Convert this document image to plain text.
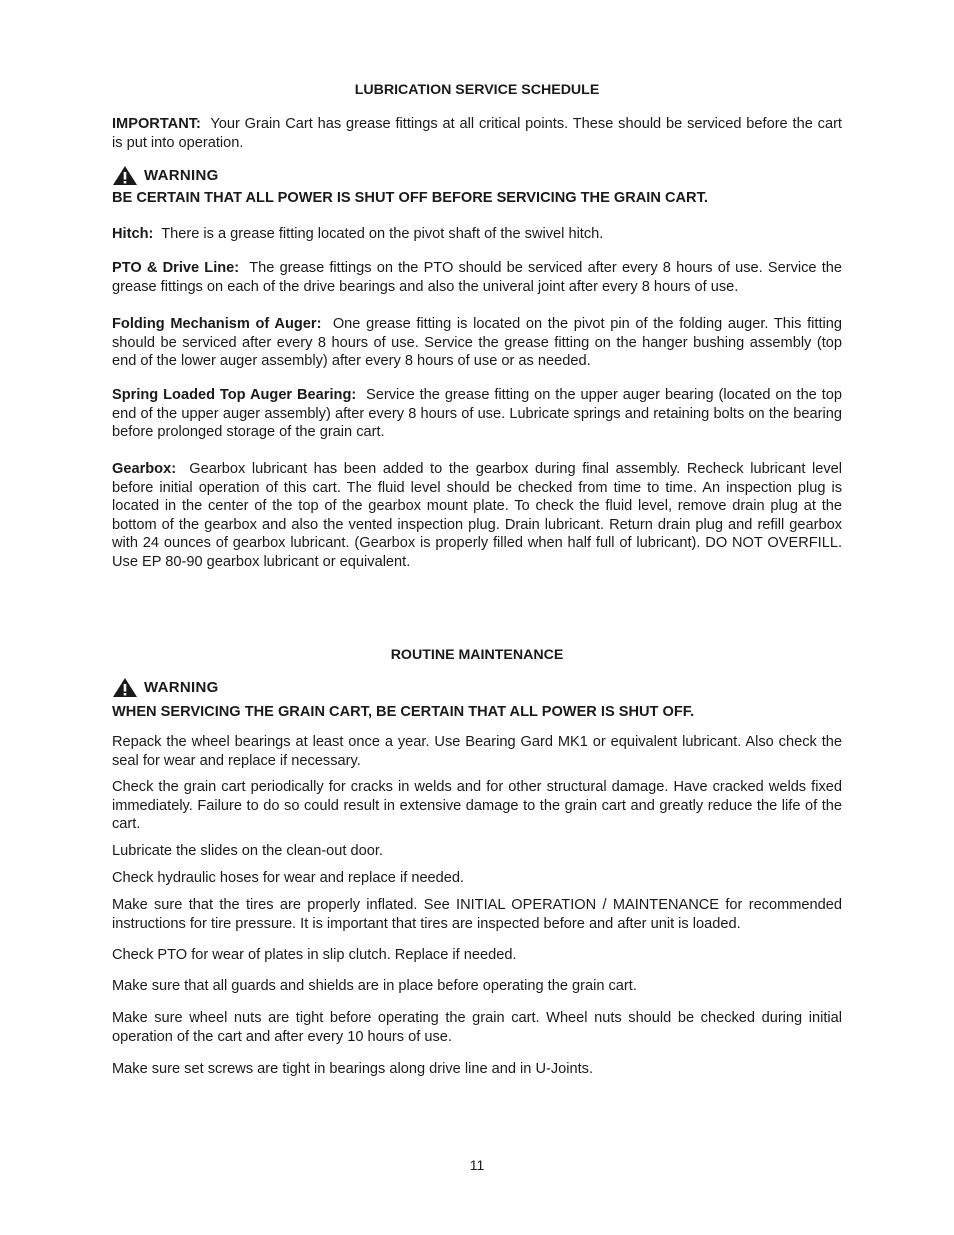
LUBRICATION SERVICE SCHEDULE

IMPORTANT: Your Grain Cart has grease fittings at all critical points. These should be serviced before the cart is put into operation.

WARNING

BE CERTAIN THAT ALL POWER IS SHUT OFF BEFORE SERVICING THE GRAIN CART.

Hitch: There is a grease fitting located on the pivot shaft of the swivel hitch.

PTO & Drive Line: The grease fittings on the PTO should be serviced after every 8 hours of use. Service the grease fittings on each of the drive bearings and also the univeral joint after every 8 hours of use.

Folding Mechanism of Auger: One grease fitting is located on the pivot pin of the folding auger. This fitting should be serviced after every 8 hours of use. Service the grease fitting on the hanger bushing assembly (top end of the lower auger assembly) after every 8 hours of use or as needed.

Spring Loaded Top Auger Bearing: Service the grease fitting on the upper auger bearing (located on the top end of the upper auger assembly) after every 8 hours of use. Lubricate springs and retaining bolts on the bearing before prolonged storage of the grain cart.

Gearbox: Gearbox lubricant has been added to the gearbox during final assembly. Recheck lubricant level before initial operation of this cart. The fluid level should be checked from time to time. An inspection plug is located in the center of the top of the gearbox mount plate. To check the fluid level, remove drain plug at the bottom of the gearbox and also the vented inspection plug. Drain lubricant. Return drain plug and refill gearbox with 24 ounces of gearbox lubricant. (Gearbox is properly filled when half full of lubricant). DO NOT OVERFILL. Use EP 80-90 gearbox lubricant or equivalent.

ROUTINE MAINTENANCE
WARNING

WHEN SERVICING THE GRAIN CART, BE CERTAIN THAT ALL POWER IS SHUT OFF.

Repack the wheel bearings at least once a year. Use Bearing Gard MK1 or equivalent lubricant. Also check the seal for wear and replace if necessary.

Check the grain cart periodically for cracks in welds and for other structural damage. Have cracked welds fixed immediately. Failure to do so could result in extensive damage to the grain cart and greatly reduce the life of the cart.

Lubricate the slides on the clean-out door.

Check hydraulic hoses for wear and replace if needed.

Make sure that the tires are properly inflated. See INITIAL OPERATION / MAINTENANCE for recommended instructions for tire pressure. It is important that tires are inspected before and after unit is loaded.

Check PTO for wear of plates in slip clutch. Replace if needed.

Make sure that all guards and shields are in place before operating the grain cart.

Make sure wheel nuts are tight before operating the grain cart. Wheel nuts should be checked during initial operation of the cart and after every 10 hours of use.

Make sure set screws are tight in bearings along drive line and in U-Joints.

11
